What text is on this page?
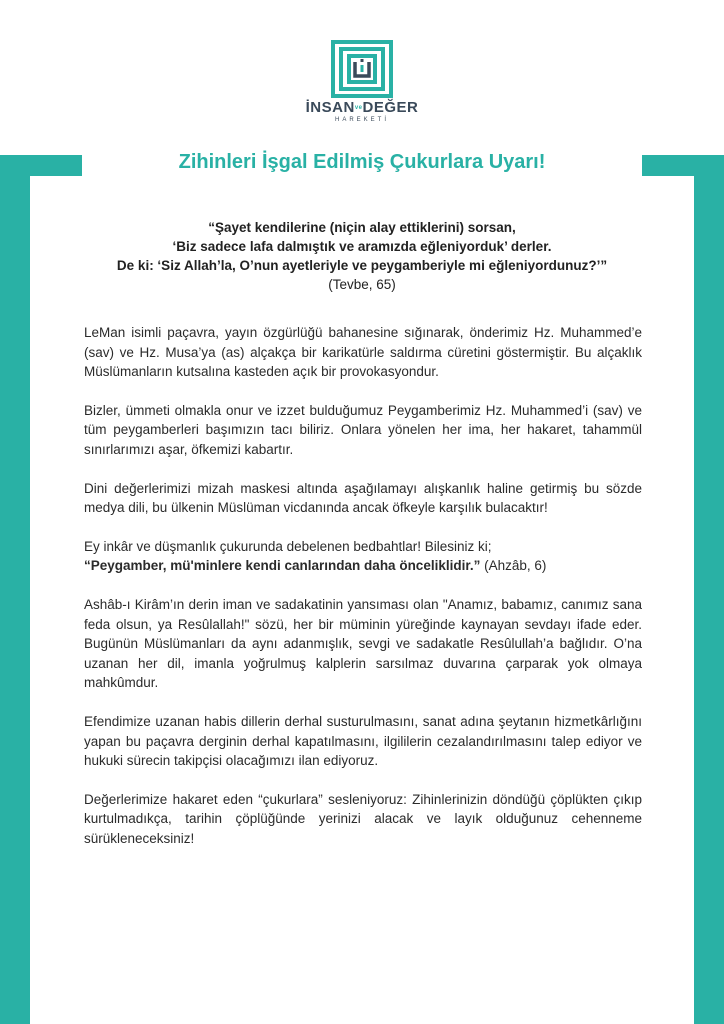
İNSANveDEĞER
HAREKETİ
Zihinleri İşgal Edilmiş Çukurlara Uyarı!
“Şayet kendilerine (niçin alay ettiklerini) sorsan,
‘Biz sadece lafa dalmıştık ve aramızda eğleniyorduk’ derler.
De ki: ‘Siz Allah’la, O’nun ayetleriyle ve peygamberiyle mi eğleniyordunuz?’”
(Tevbe, 65)

LeMan isimli paçavra, yayın özgürlüğü bahanesine sığınarak, önderimiz Hz. Muhammed’e (sav) ve Hz. Musa’ya (as) alçakça bir karikatürle saldırma cüretini göstermiştir. Bu alçaklık Müslümanların kutsalına kasteden açık bir provokasyondur.

Bizler, ümmeti olmakla onur ve izzet bulduğumuz Peygamberimiz Hz. Muhammed’i (sav) ve tüm peygamberleri başımızın tacı biliriz. Onlara yönelen her ima, her hakaret, tahammül sınırlarımızı aşar, öfkemizi kabartır.

Dini değerlerimizi mizah maskesi altında aşağılamayı alışkanlık haline getirmiş bu sözde medya dili, bu ülkenin Müslüman vicdanında ancak öfkeyle karşılık bulacaktır!

Ey inkâr ve düşmanlık çukurunda debelenen bedbahtlar! Bilesiniz ki;
“Peygamber, mü'minlere kendi canlarından daha önceliklidir.” (Ahzâb, 6)

Ashâb-ı Kirâm’ın derin iman ve sadakatinin yansıması olan "Anamız, babamız, canımız sana feda olsun, ya Resûlallah!" sözü, her bir müminin yüreğinde kaynayan sevdayı ifade eder. Bugünün Müslümanları da aynı adanmışlık, sevgi ve sadakatle Resûlullah’a bağlıdır. O’na uzanan her dil, imanla yoğrulmuş kalplerin sarsılmaz duvarına çarparak yok olmaya mahkûmdur.

Efendimize uzanan habis dillerin derhal susturulmasını, sanat adına şeytanın hizmetkârlığını yapan bu paçavra derginin derhal kapatılmasını, ilgililerin cezalandırılmasını talep ediyor ve hukuki sürecin takipçisi olacağımızı ilan ediyoruz.

Değerlerimize hakaret eden “çukurlara” sesleniyoruz: Zihinlerinizin döndüğü çöplükten çıkıp kurtulmadıkça, tarihin çöplüğünde yerinizi alacak ve layık olduğunuz cehenneme sürükleneceksiniz!
